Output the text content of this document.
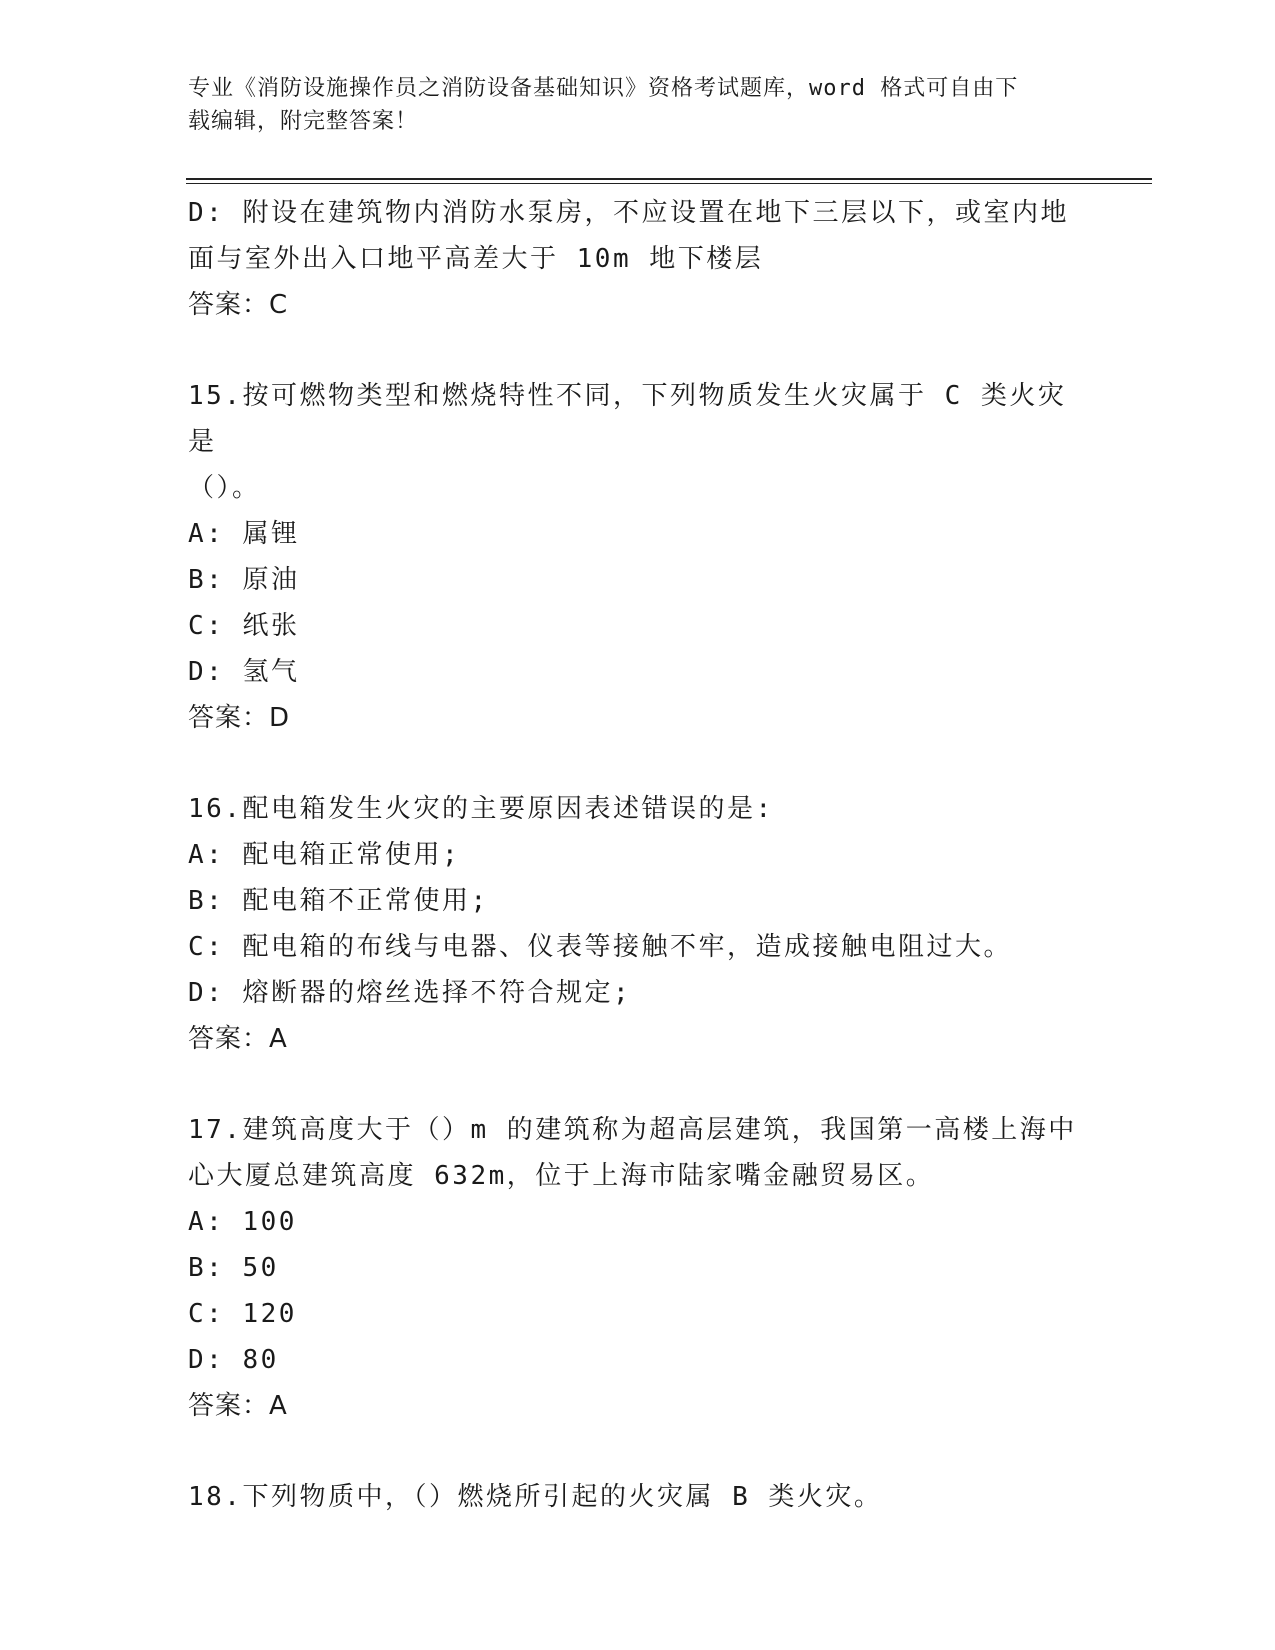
专业《消防设施操作员之消防设备基础知识》资格考试题库，word 格式可自由下
载编辑，附完整答案！
D: 附设在建筑物内消防水泵房，不应设置在地下三层以下，或室内地
面与室外出入口地平高差大于 10m 地下楼层
答案：C
15.按可燃物类型和燃烧特性不同，下列物质发生火灾属于 C 类火灾是
（）。
A: 属锂
B: 原油
C: 纸张
D: 氢气
答案：D
16.配电箱发生火灾的主要原因表述错误的是:
A: 配电箱正常使用;
B: 配电箱不正常使用;
C: 配电箱的布线与电器、仪表等接触不牢，造成接触电阻过大。
D: 熔断器的熔丝选择不符合规定;
答案：A
17.建筑高度大于（）m 的建筑称为超高层建筑，我国第一高楼上海中
心大厦总建筑高度 632m，位于上海市陆家嘴金融贸易区。
A: 100
B: 50
C: 120
D: 80
答案：A
18.下列物质中，（）燃烧所引起的火灾属 B 类火灾。
